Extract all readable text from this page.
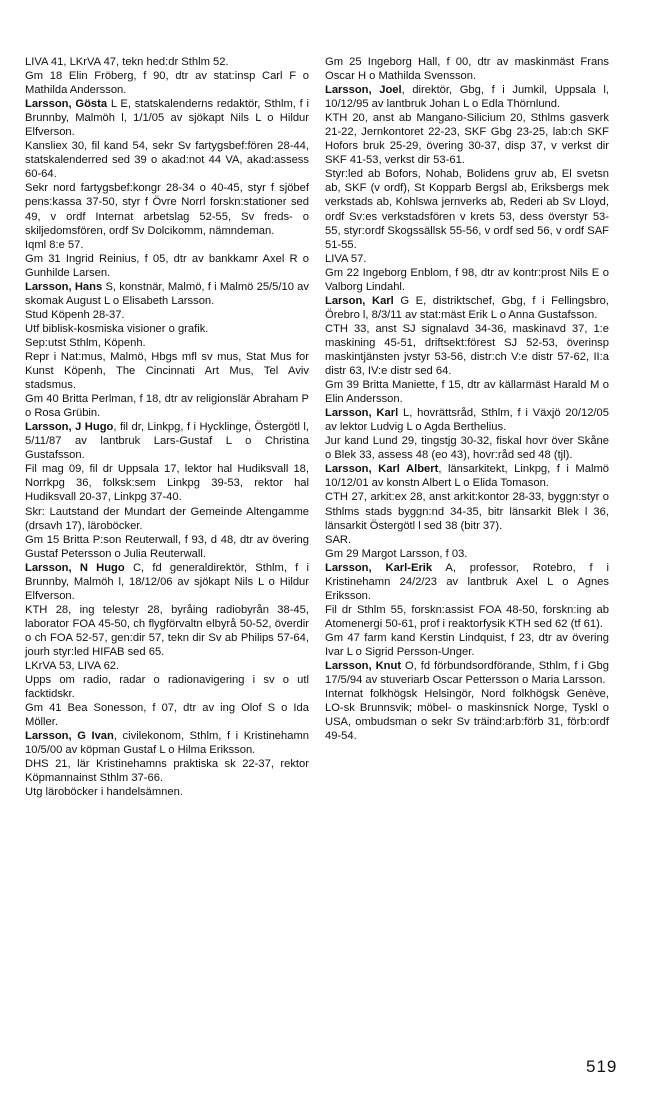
LIVA 41, LKrVA 47, tekn hed:dr Sthlm 52.

Gm 18 Elin Fröberg, f 90, dtr av stat:insp Carl F o Mathilda Andersson.

Larsson, Gösta L E, statskalenderns redaktör, Sthlm, f i Brunnby, Malmöh l, 1/1/05 av sjökapt Nils L o Hildur Elfverson.

Kansliex 30, fil kand 54, sekr Sv fartygsbef:fören 28-44, statskalenderred sed 39 o akad:not 44 VA, akad:assess 60-64.

Sekr nord fartygsbef:kongr 28-34 o 40-45, styr f sjöbef pens:kassa 37-50, styr f Övre Norrl forskn:stationer sed 49, v ordf Internat arbetslag 52-55, Sv freds- o skiljedomsfören, ordf Sv Dolcikomm, nämndeman.

Iqml 8:e 57.

Gm 31 Ingrid Reinius, f 05, dtr av bankkamr Axel R o Gunhilde Larsen.

Larsson, Hans S, konstnär, Malmö, f i Malmö 25/5/10 av skomak August L o Elisabeth Larsson.

Stud Köpenh 28-37.

Utf biblisk-kosmiska visioner o grafik.

Sep:utst Sthlm, Köpenh.

Repr i Nat:mus, Malmö, Hbgs mfl sv mus, Stat Mus for Kunst Köpenh, The Cincinnati Art Mus, Tel Aviv stadsmus.

Gm 40 Britta Perlman, f 18, dtr av religionslär Abraham P o Rosa Grübin.

Larsson, J Hugo, fil dr, Linkpg, f i Hycklinge, Östergötl l, 5/11/87 av lantbruk Lars-Gustaf L o Christina Gustafsson.

Fil mag 09, fil dr Uppsala 17, lektor hal Hudiksvall 18, Norrkpg 36, folksk:sem Linkpg 39-53, rektor hal Hudiksvall 20-37, Linkpg 37-40.

Skr: Lautstand der Mundart der Gemeinde Altengamme (drsavh 17), läroböcker.

Gm 15 Britta P:son Reuterwall, f 93, d 48, dtr av övering Gustaf Petersson o Julia Reuterwall.

Larsson, N Hugo C, fd generaldirektör, Sthlm, f i Brunnby, Malmöh l, 18/12/06 av sjökapt Nils L o Hildur Elfverson.

KTH 28, ing telestyr 28, byråing radiobyrån 38-45, laborator FOA 45-50, ch flygförvaltn elbyrå 50-52, överdir o ch FOA 52-57, gen:dir 57, tekn dir Sv ab Philips 57-64, jourh styr:led HIFAB sed 65.

LKrVA 53, LIVA 62.

Upps om radio, radar o radionavigering i sv o utl facktidskr.

Gm 41 Bea Sonesson, f 07, dtr av ing Olof S o Ida Möller.

Larsson, G Ivan, civilekonom, Sthlm, f i Kristinehamn 10/5/00 av köpman Gustaf L o Hilma Eriksson.

DHS 21, lär Kristinehamns praktiska sk 22-37, rektor Köpmannainst Sthlm 37-66.

Utg läroböcker i handelsämnen.

Gm 25 Ingeborg Hall, f 00, dtr av maskinmäst Frans Oscar H o Mathilda Svensson.

Larsson, Joel, direktör, Gbg, f i Jumkil, Uppsala l, 10/12/95 av lantbruk Johan L o Edla Thörnlund.

KTH 20, anst ab Mangano-Silicium 20, Sthlms gasverk 21-22, Jernkontoret 22-23, SKF Gbg 23-25, lab:ch SKF Hofors bruk 25-29, övering 30-37, disp 37, v verkst dir SKF 41-53, verkst dir 53-61.

Styr:led ab Bofors, Nohab, Bolidens gruv ab, El svetsn ab, SKF (v ordf), St Kopparb Bergsl ab, Eriksbergs mek verkstads ab, Kohlswa jernverks ab, Rederi ab Sv Lloyd, ordf Sv:es verkstadsfören v krets 53, dess överstyr 53-55, styr:ordf Skogssällsk 55-56, v ordf sed 56, v ordf SAF 51-55.

LIVA 57.

Gm 22 Ingeborg Enblom, f 98, dtr av kontr:prost Nils E o Valborg Lindahl.

Larson, Karl G E, distriktschef, Gbg, f i Fellingsbro, Örebro l, 8/3/11 av stat:mäst Erik L o Anna Gustafsson.

CTH 33, anst SJ signalavd 34-36, maskinavd 37, 1:e maskining 45-51, driftsekt:förest SJ 52-53, överinsp maskintjänsten jvstyr 53-56, distr:ch V:e distr 57-62, II:a distr 63, IV:e distr sed 64.

Gm 39 Britta Maniette, f 15, dtr av källarmäst Harald M o Elin Andersson.

Larsson, Karl L, hovrättsråd, Sthlm, f i Växjö 20/12/05 av lektor Ludvig L o Agda Berthelius.

Jur kand Lund 29, tingstjg 30-32, fiskal hovr över Skåne o Blek 33, assess 48 (eo 43), hovr:råd sed 48 (tjl).

Larsson, Karl Albert, länsarkitekt, Linkpg, f i Malmö 10/12/01 av konstn Albert L o Elida Tomason.

CTH 27, arkit:ex 28, anst arkit:kontor 28-33, byggn:styr o Sthlms stads byggn:nd 34-35, bitr länsarkit Blek l 36, länsarkit Östergötl l sed 38 (bitr 37).

SAR.

Gm 29 Margot Larsson, f 03.

Larsson, Karl-Erik A, professor, Rotebro, f i Kristinehamn 24/2/23 av lantbruk Axel L o Agnes Eriksson.

Fil dr Sthlm 55, forskn:assist FOA 48-50, forskn:ing ab Atomenergi 50-61, prof i reaktorfysik KTH sed 62 (tf 61).

Gm 47 farm kand Kerstin Lindquist, f 23, dtr av övering Ivar L o Sigrid Persson-Unger.

Larsson, Knut O, fd förbundsordförande, Sthlm, f i Gbg 17/5/94 av stuveriarb Oscar Pettersson o Maria Larsson.

Internat folkhögsk Helsingör, Nord folkhögsk Genève, LO-sk Brunnsvik; möbel- o maskinsnick Norge, Tyskl o USA, ombudsman o sekr Sv träind:arb:förb 31, förb:ordf 49-54.

519
